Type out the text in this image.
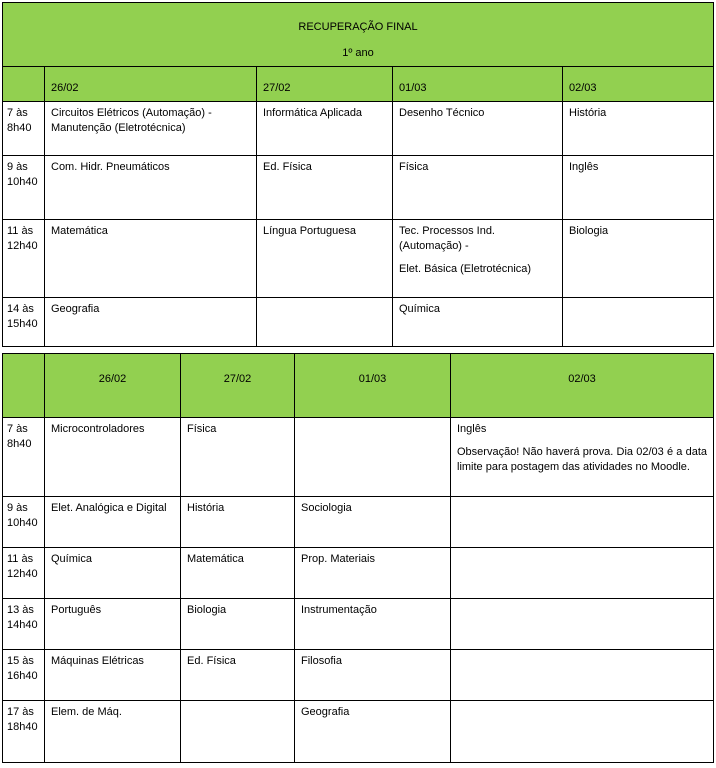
RECUPERAÇÃO FINAL
1º ano				

	26/02	27/02	01/03	02/03
7 às 8h40	Circuitos Elétricos (Automação) - Manutenção (Eletrotécnica)	Informática Aplicada	Desenho Técnico	História
9 às 10h40	Com. Hidr. Pneumáticos	Ed. Física	Física	Inglês
11 às 12h40	Matemática	Língua Portuguesa	Tec. Processos Ind. (Automação) -

Elet. Básica (Eletrotécnica)	Biologia
14 às 15h40	Geografia		Química	
	26/02	27/02	01/03	02/03
7 às 8h40	Microcontroladores	Física		Inglês

Observação! Não haverá prova. Dia 02/03 é a data limite para postagem das atividades no Moodle.

9 às 10h40	Elet. Analógica e Digital	História	Sociologia	
11 às 12h40	Química	Matemática	Prop. Materiais	
13 às 14h40	Português	Biologia	Instrumentação	
15 às 16h40	Máquinas Elétricas	Ed. Física	Filosofia	
17 às 18h40	Elem. de Máq.		Geografia	
